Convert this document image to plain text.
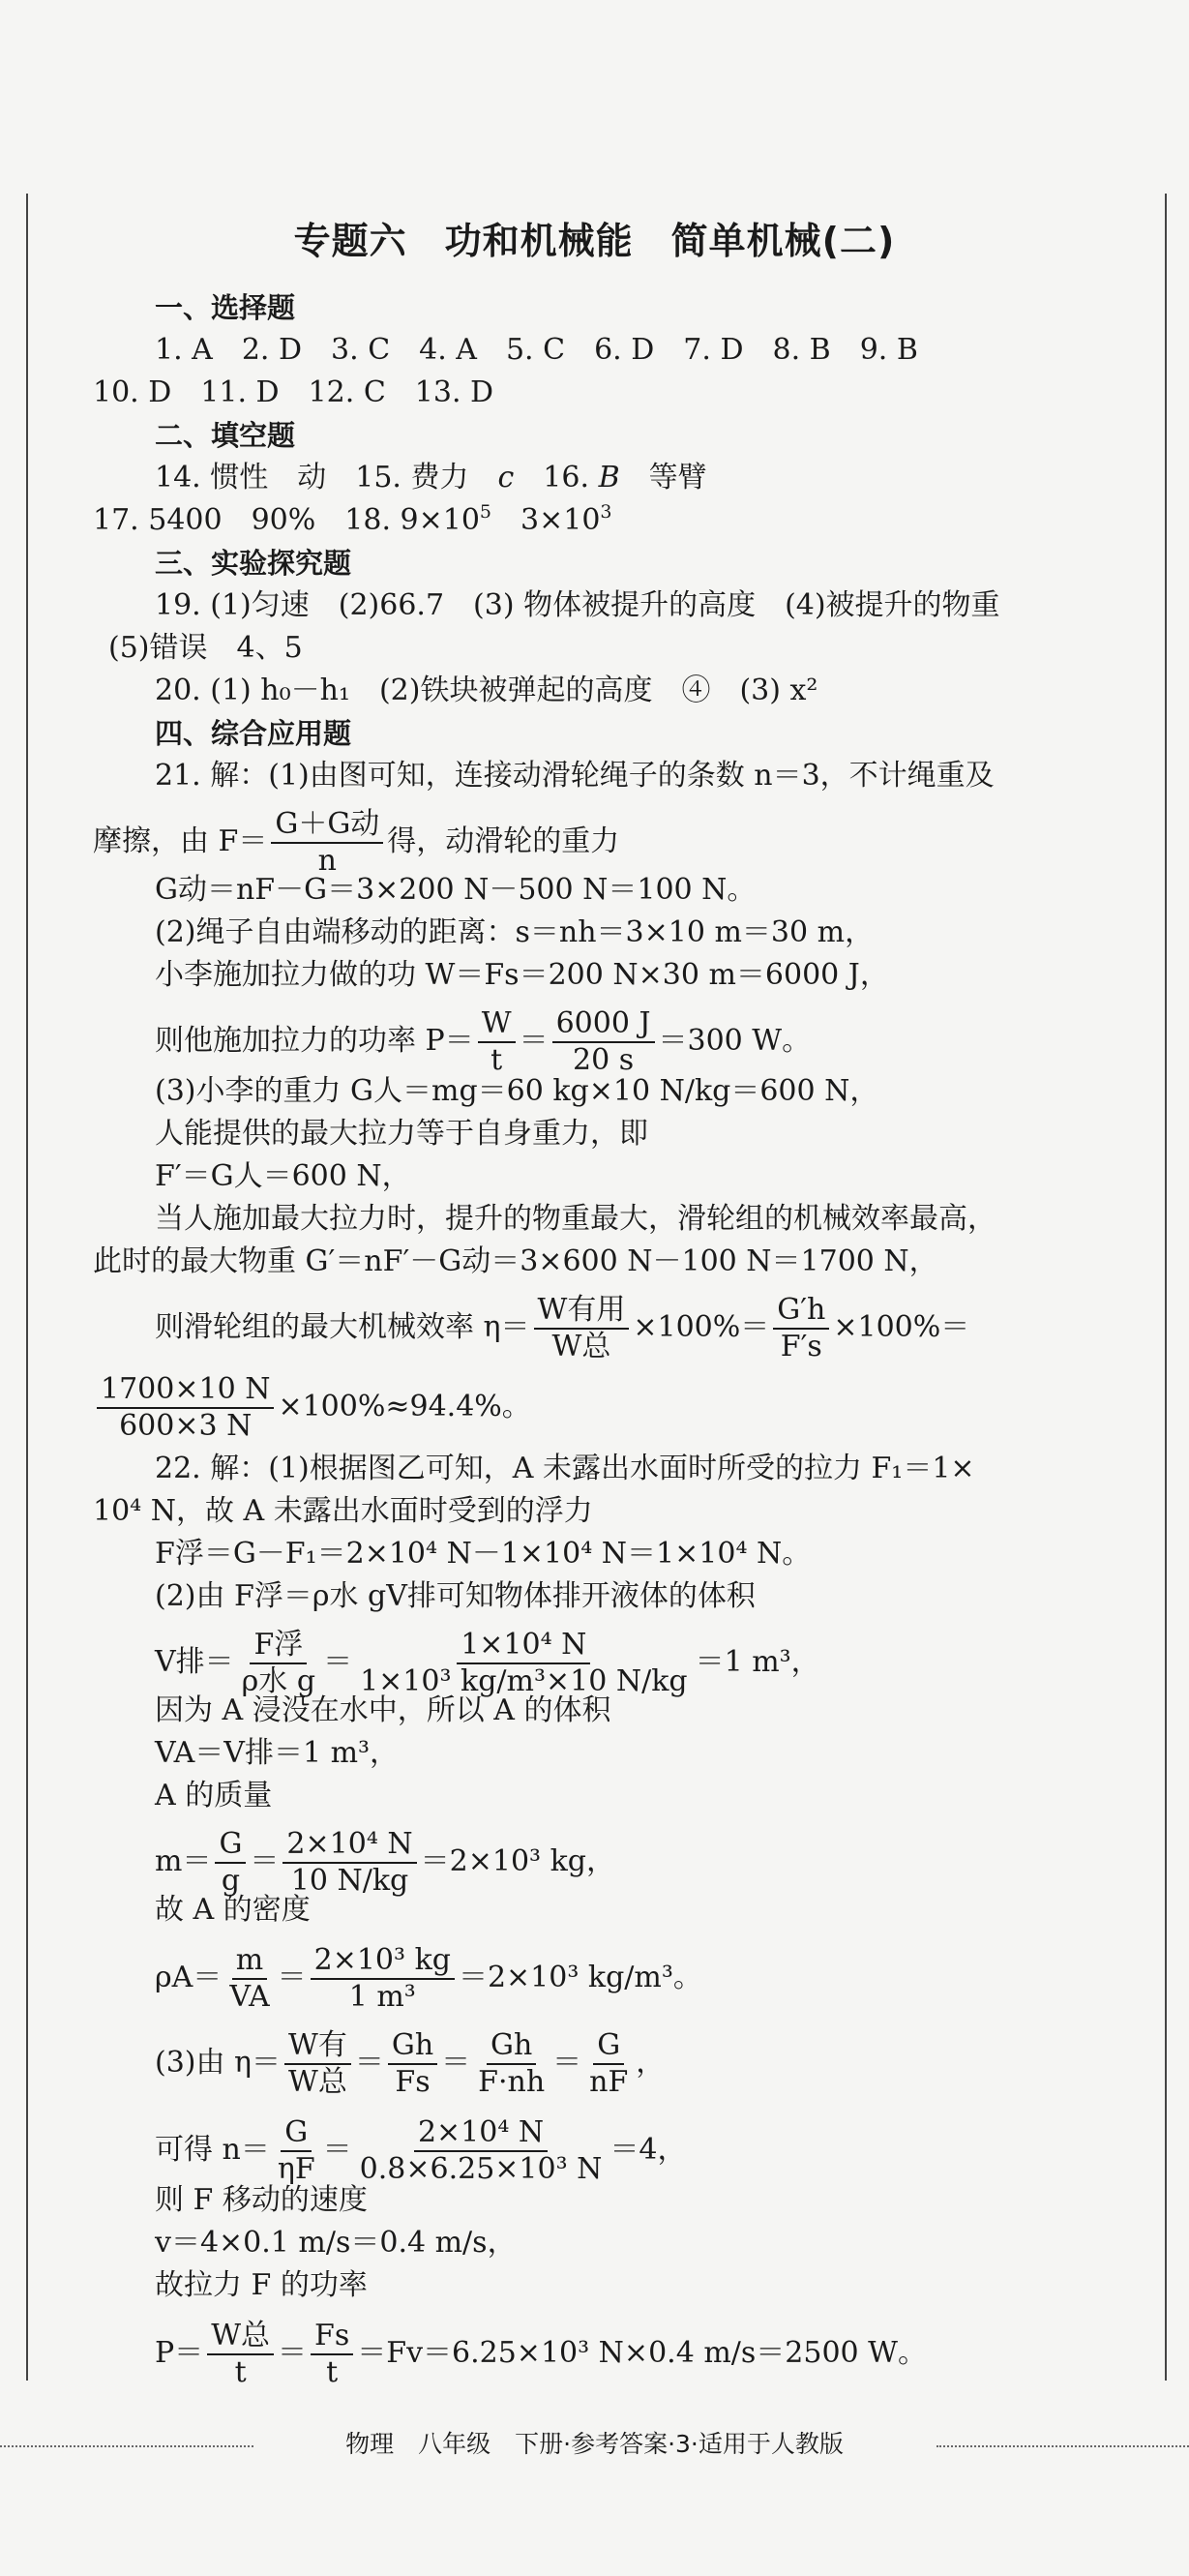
专题六　功和机械能　简单机械(二)
一、选择题
1. A　2. D　3. C　4. A　5. C　6. D　7. D　8. B　9. B
10. D　11. D　12. C　13. D
二、填空题
14. 惯性　动　15. 费力　c　16. B　等臂
17. 5400　90%　18. $9\times 10^5$　$3\times 10^3$
三、实验探究题
19. (1)匀速　(2)66.7　(3) 物体被提升的高度　(4)被提升的物重
(5)错误　4、5
20. (1) h₀－h₁　(2)铁块被弹起的高度　④　(3) x²
四、综合应用题
21. 解：(1)由图可知，连接动滑轮绳子的条数 n＝3，不计绳重及
摩擦，由 $F= \frac{\text{G＋G动}}{n}$ 得，动滑轮的重力
G动＝nF－G＝3×200 N－500 N＝100 N。
(2)绳子自由端移动的距离：s＝nh＝3×10 m＝30 m，
小李施加拉力做的功 W＝Fs＝200 N×30 m＝6000 J，
则他施加拉力的功率 $P= \frac{W}{t} = \frac{6000 J}{20 s} =300$ W。
(3)小李的重力 G人＝mg＝60 kg×10 N/kg＝600 N，
人能提供的最大拉力等于自身重力，即
F′＝G人＝600 N，
当人施加最大拉力时，提升的物重最大，滑轮组的机械效率最高，
此时的最大物重 G′＝nF′－G动＝3×600 N－100 N＝1700 N，
则滑轮组的最大机械效率 $\eta= \frac{\text{W有用}}{\text{W总}} \times 100\%= \frac{G'h}{F's} \times 100\%=$
$\frac{1700\times 10 N}{600\times 3 N} \times 100\%\approx 94.4\%$。
22. 解：(1)根据图乙可知，A 未露出水面时所受的拉力 F₁＝1×
10⁴ N，故 A 未露出水面时受到的浮力
F浮＝G－F₁＝2×10⁴ N－1×10⁴ N＝1×10⁴ N。
(2)由 F浮＝ρ水 gV排可知物体排开液体的体积
V排＝ $\frac{\text{F浮}}{\text{ρ水 g}} = \frac{\text{1×10⁴ N}}{\text{1×10³ kg/m³×10 N/kg}} =1$ m³，
因为 A 浸没在水中，所以 A 的体积
VA＝V排＝1 m³，
A 的质量
$m= \frac{G}{g} = \frac{\text{2×10⁴ N}}{10 N/kg} =2\times 10^3$ kg，
故 A 的密度
$\rho A= \frac{m}{VA} = \frac{\text{2×10³ kg}}{\text{1 m³}} =2\times 10^3$ kg/m³。
(3)由 $\eta= \frac{\text{W有}}{\text{W总}} = \frac{Gh}{Fs} = \frac{Gh}{F\cdot nh} = \frac{G}{nF}$ ，
可得 $n= \frac{G}{\eta F} = \frac{\text{2×10⁴ N}}{\text{0.8×6.25×10³ N}} =4$，
则 F 移动的速度
v＝4×0.1 m/s＝0.4 m/s，
故拉力 F 的功率
$P= \frac{\text{W总}}{t} = \frac{Fs}{t} =Fv=6.25\times 10^3$ N×0.4 m/s＝2500 W。
物理　八年级　下册·参考答案·3·适用于人教版
